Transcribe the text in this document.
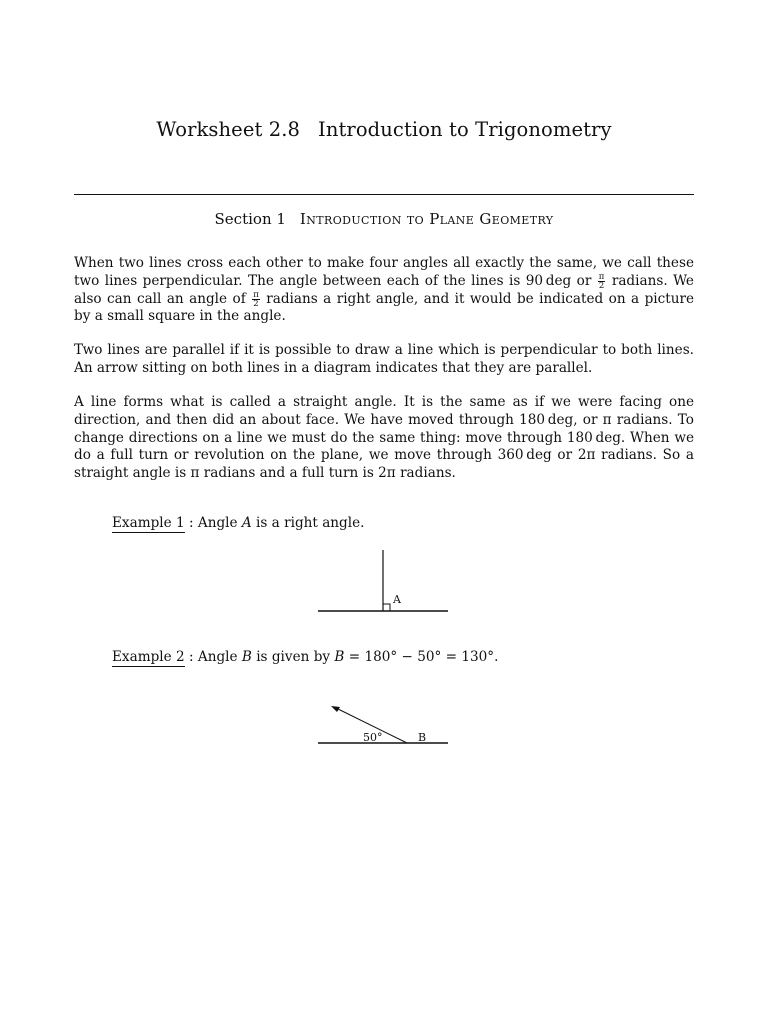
Worksheet 2.8 Introduction to Trigonometry
Section 1 Introduction to Plane Geometry
When two lines cross each other to make four angles all exactly the same, we call these two lines perpendicular. The angle between each of the lines is 90 deg or $\frac{\pi}{2}$ radians. We also can call an angle of $\frac{\pi}{2}$ radians a right angle, and it would be indicated on a picture by a small square in the angle.
Two lines are parallel if it is possible to draw a line which is perpendicular to both lines. An arrow sitting on both lines in a diagram indicates that they are parallel.
A line forms what is called a straight angle. It is the same as if we were facing one direction, and then did an about face. We have moved through 180 deg, or π radians. To change directions on a line we must do the same thing: move through 180 deg. When we do a full turn or revolution on the plane, we move through 360 deg or 2π radians. So a straight angle is π radians and a full turn is 2π radians.
Example 1 : Angle A is a right angle.
A
50°	B
Example 2 : Angle B is given by B = 180° − 50° = 130°.
